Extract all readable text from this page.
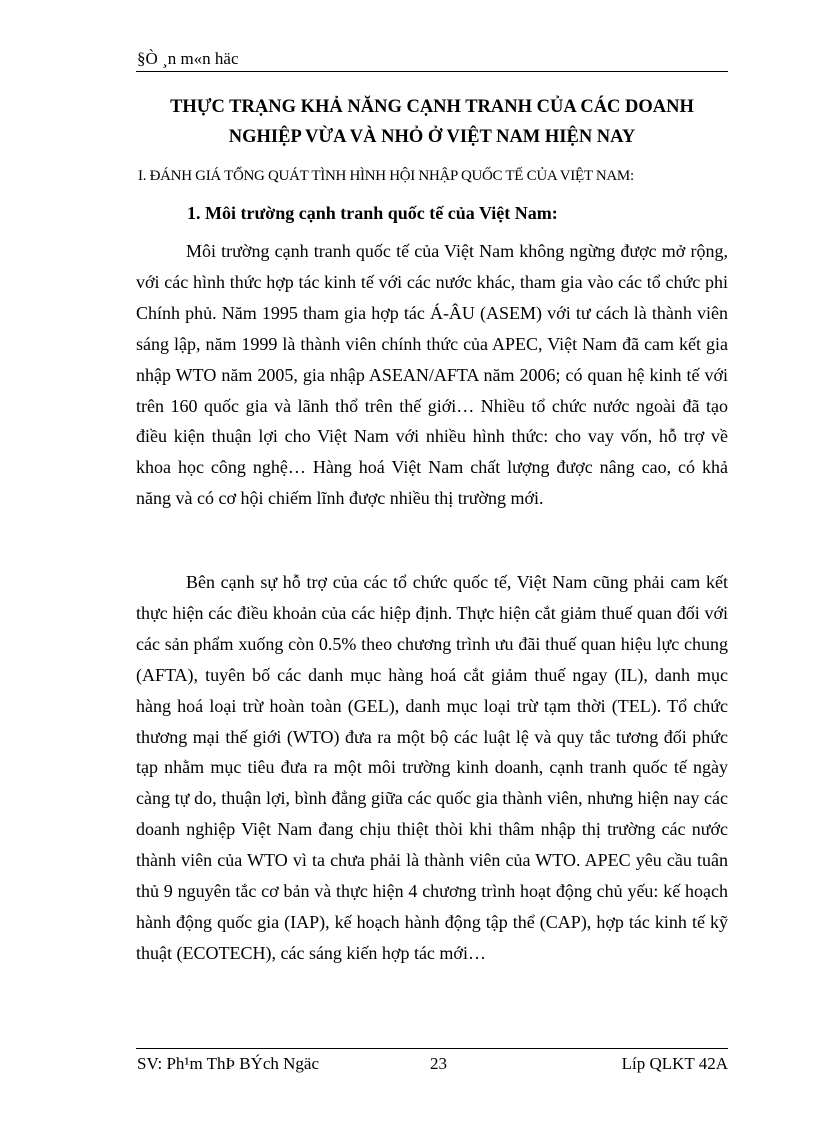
§Ò ¸n m«n häc
THỰC TRẠNG KHẢ NĂNG CẠNH TRANH CỦA CÁC DOANH
NGHIỆP VỪA VÀ NHỎ Ở VIỆT NAM HIỆN NAY
I. ĐÁNH GIÁ TỔNG QUÁT TÌNH HÌNH HỘI NHẬP QUỐC TẾ CỦA VIỆT NAM:
1. Môi trường cạnh tranh quốc tế của Việt Nam:
Môi trường cạnh tranh quốc tế của Việt Nam không ngừng được mở rộng, với các hình thức hợp tác kinh tế với các nước khác, tham gia vào các tổ chức phi Chính phủ. Năm 1995 tham gia hợp tác Á-ÂU (ASEM) với tư cách là thành viên sáng lập, năm 1999 là thành viên chính thức của APEC, Việt Nam đã cam kết gia nhập WTO năm 2005, gia nhập ASEAN/AFTA năm 2006; có quan hệ kinh tế với trên 160 quốc gia và lãnh thổ trên thế giới… Nhiều tổ chức nước ngoài đã tạo điều kiện thuận lợi cho Việt Nam với nhiều hình thức: cho vay vốn, hỗ trợ về khoa học công nghệ… Hàng hoá Việt Nam chất lượng được nâng cao, có khả năng và có cơ hội chiếm lĩnh được nhiều thị trường mới.
Bên cạnh sự hỗ trợ của các tổ chức quốc tế, Việt Nam cũng phải cam kết thực hiện các điều khoản của các hiệp định. Thực hiện cắt giảm thuế quan đối với các sản phẩm xuống còn 0.5% theo chương trình ưu đãi thuế quan hiệu lực chung (AFTA), tuyên bố các danh mục hàng hoá cắt giảm thuế ngay (IL), danh mục hàng hoá loại trừ hoàn toàn (GEL), danh mục loại trừ tạm thời (TEL). Tổ chức thương mại thế giới (WTO) đưa ra một bộ các luật lệ và quy tắc tương đối phức tạp nhằm mục tiêu đưa ra một môi trường kinh doanh, cạnh tranh quốc tế ngày càng tự do, thuận lợi, bình đẳng giữa các quốc gia thành viên, nhưng hiện nay các doanh nghiệp Việt Nam đang chịu thiệt thòi khi thâm nhập thị trường các nước thành viên của WTO vì ta chưa phải là thành viên của WTO. APEC yêu cầu tuân thủ 9 nguyên tắc cơ bản và thực hiện 4 chương trình hoạt động chủ yếu: kế hoạch hành động quốc gia (IAP), kế hoạch hành động tập thể (CAP), hợp tác kinh tế kỹ thuật (ECOTECH), các sáng kiến hợp tác mới…
SV: Ph¹m ThÞ BÝch Ngäc	23	Líp QLKT 42A
